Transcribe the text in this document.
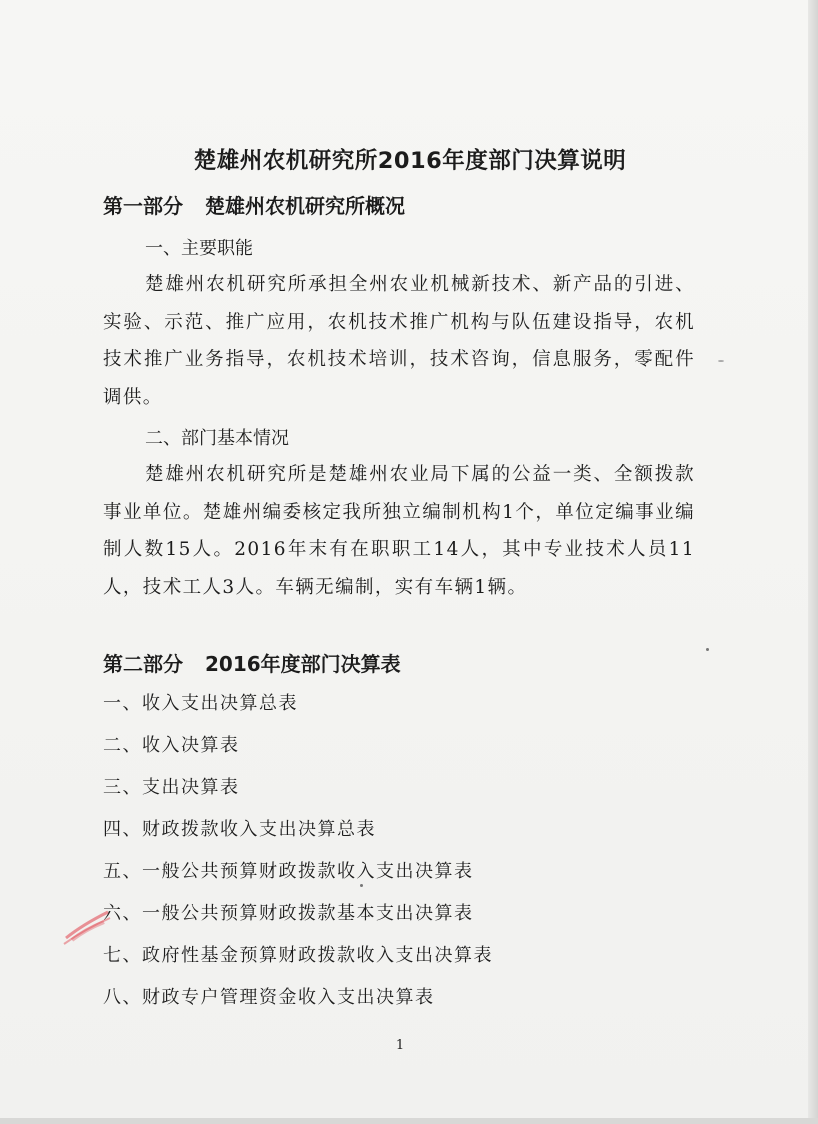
楚雄州农机研究所2016年度部门决算说明
第一部分 楚雄州农机研究所概况
一、主要职能
楚雄州农机研究所承担全州农业机械新技术、新产品的引进、实验、示范、推广应用，农机技术推广机构与队伍建设指导，农机技术推广业务指导，农机技术培训，技术咨询，信息服务，零配件调供。
二、部门基本情况
楚雄州农机研究所是楚雄州农业局下属的公益一类、全额拨款事业单位。楚雄州编委核定我所独立编制机构1个，单位定编事业编制人数15人。2016年末有在职职工14人，其中专业技术人员11人，技术工人3人。车辆无编制，实有车辆1辆。
第二部分 2016年度部门决算表
一、收入支出决算总表
二、收入决算表
三、支出决算表
四、财政拨款收入支出决算总表
五、一般公共预算财政拨款收入支出决算表
六、一般公共预算财政拨款基本支出决算表
七、政府性基金预算财政拨款收入支出决算表
八、财政专户管理资金收入支出决算表
1
